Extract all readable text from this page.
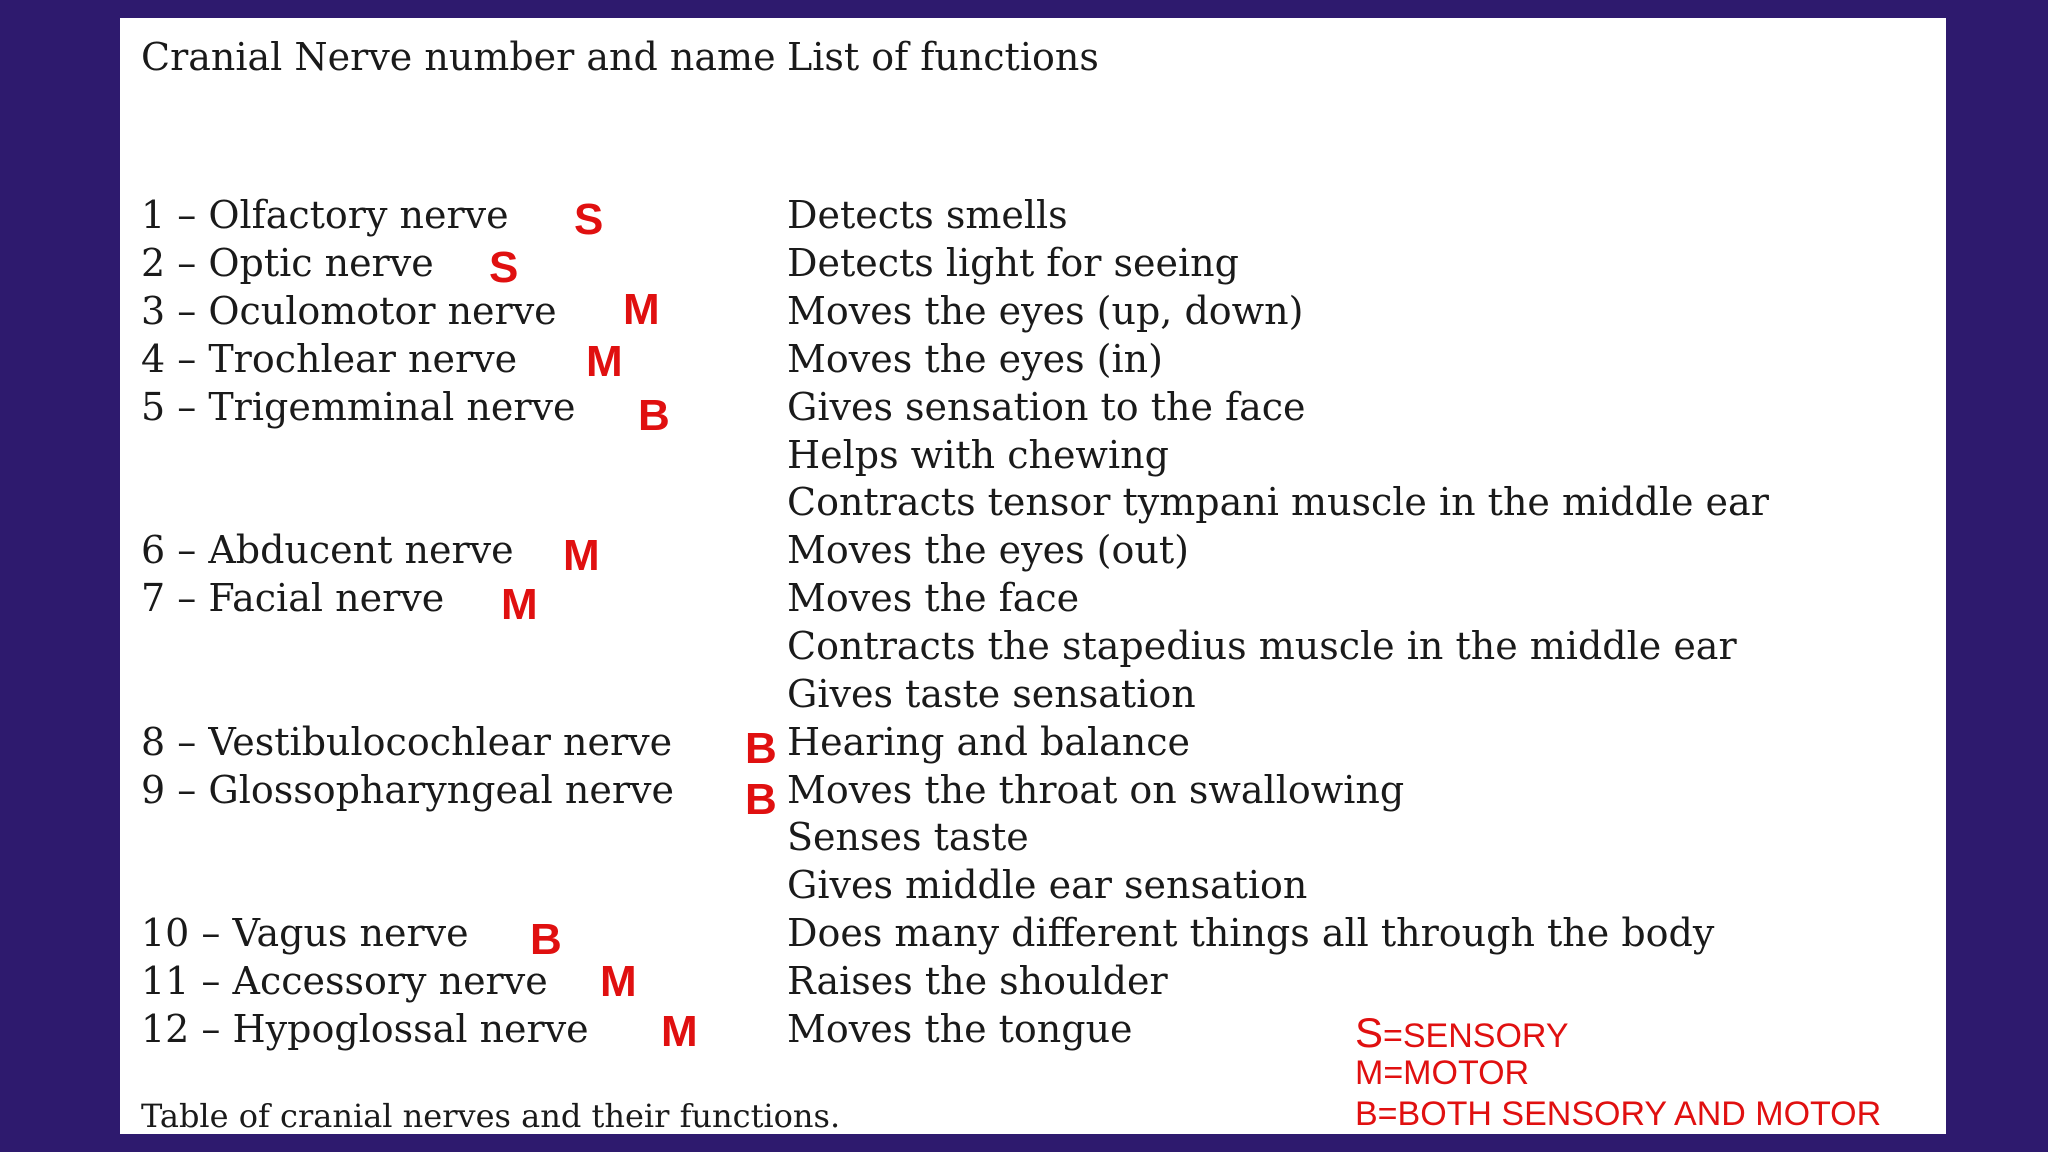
Cranial Nerve number and name List of functions
1 – Olfactory nerve
2 – Optic nerve
3 – Oculomotor nerve
4 – Trochlear nerve
5 – Trigemminal nerve
6 – Abducent nerve
7 – Facial nerve
8 – Vestibulocochlear nerve
9 – Glossopharyngeal nerve
10 – Vagus nerve
11 – Accessory nerve
12 – Hypoglossal nerve
S
S
M
M
B
M
M
B
B
B
M
M
Detects smells
Detects light for seeing
Moves the eyes (up, down)
Moves the eyes (in)
Gives sensation to the face
Helps with chewing
Contracts tensor tympani muscle in the middle ear
Moves the eyes (out)
Moves the face
Contracts the stapedius muscle in the middle ear
Gives taste sensation
Hearing and balance
Moves the throat on swallowing
Senses taste
Gives middle ear sensation
Does many different things all through the body
Raises the shoulder
Moves the tongue
Table of cranial nerves and their functions.
S=SENSORY
M=MOTOR
B=BOTH SENSORY AND MOTOR
